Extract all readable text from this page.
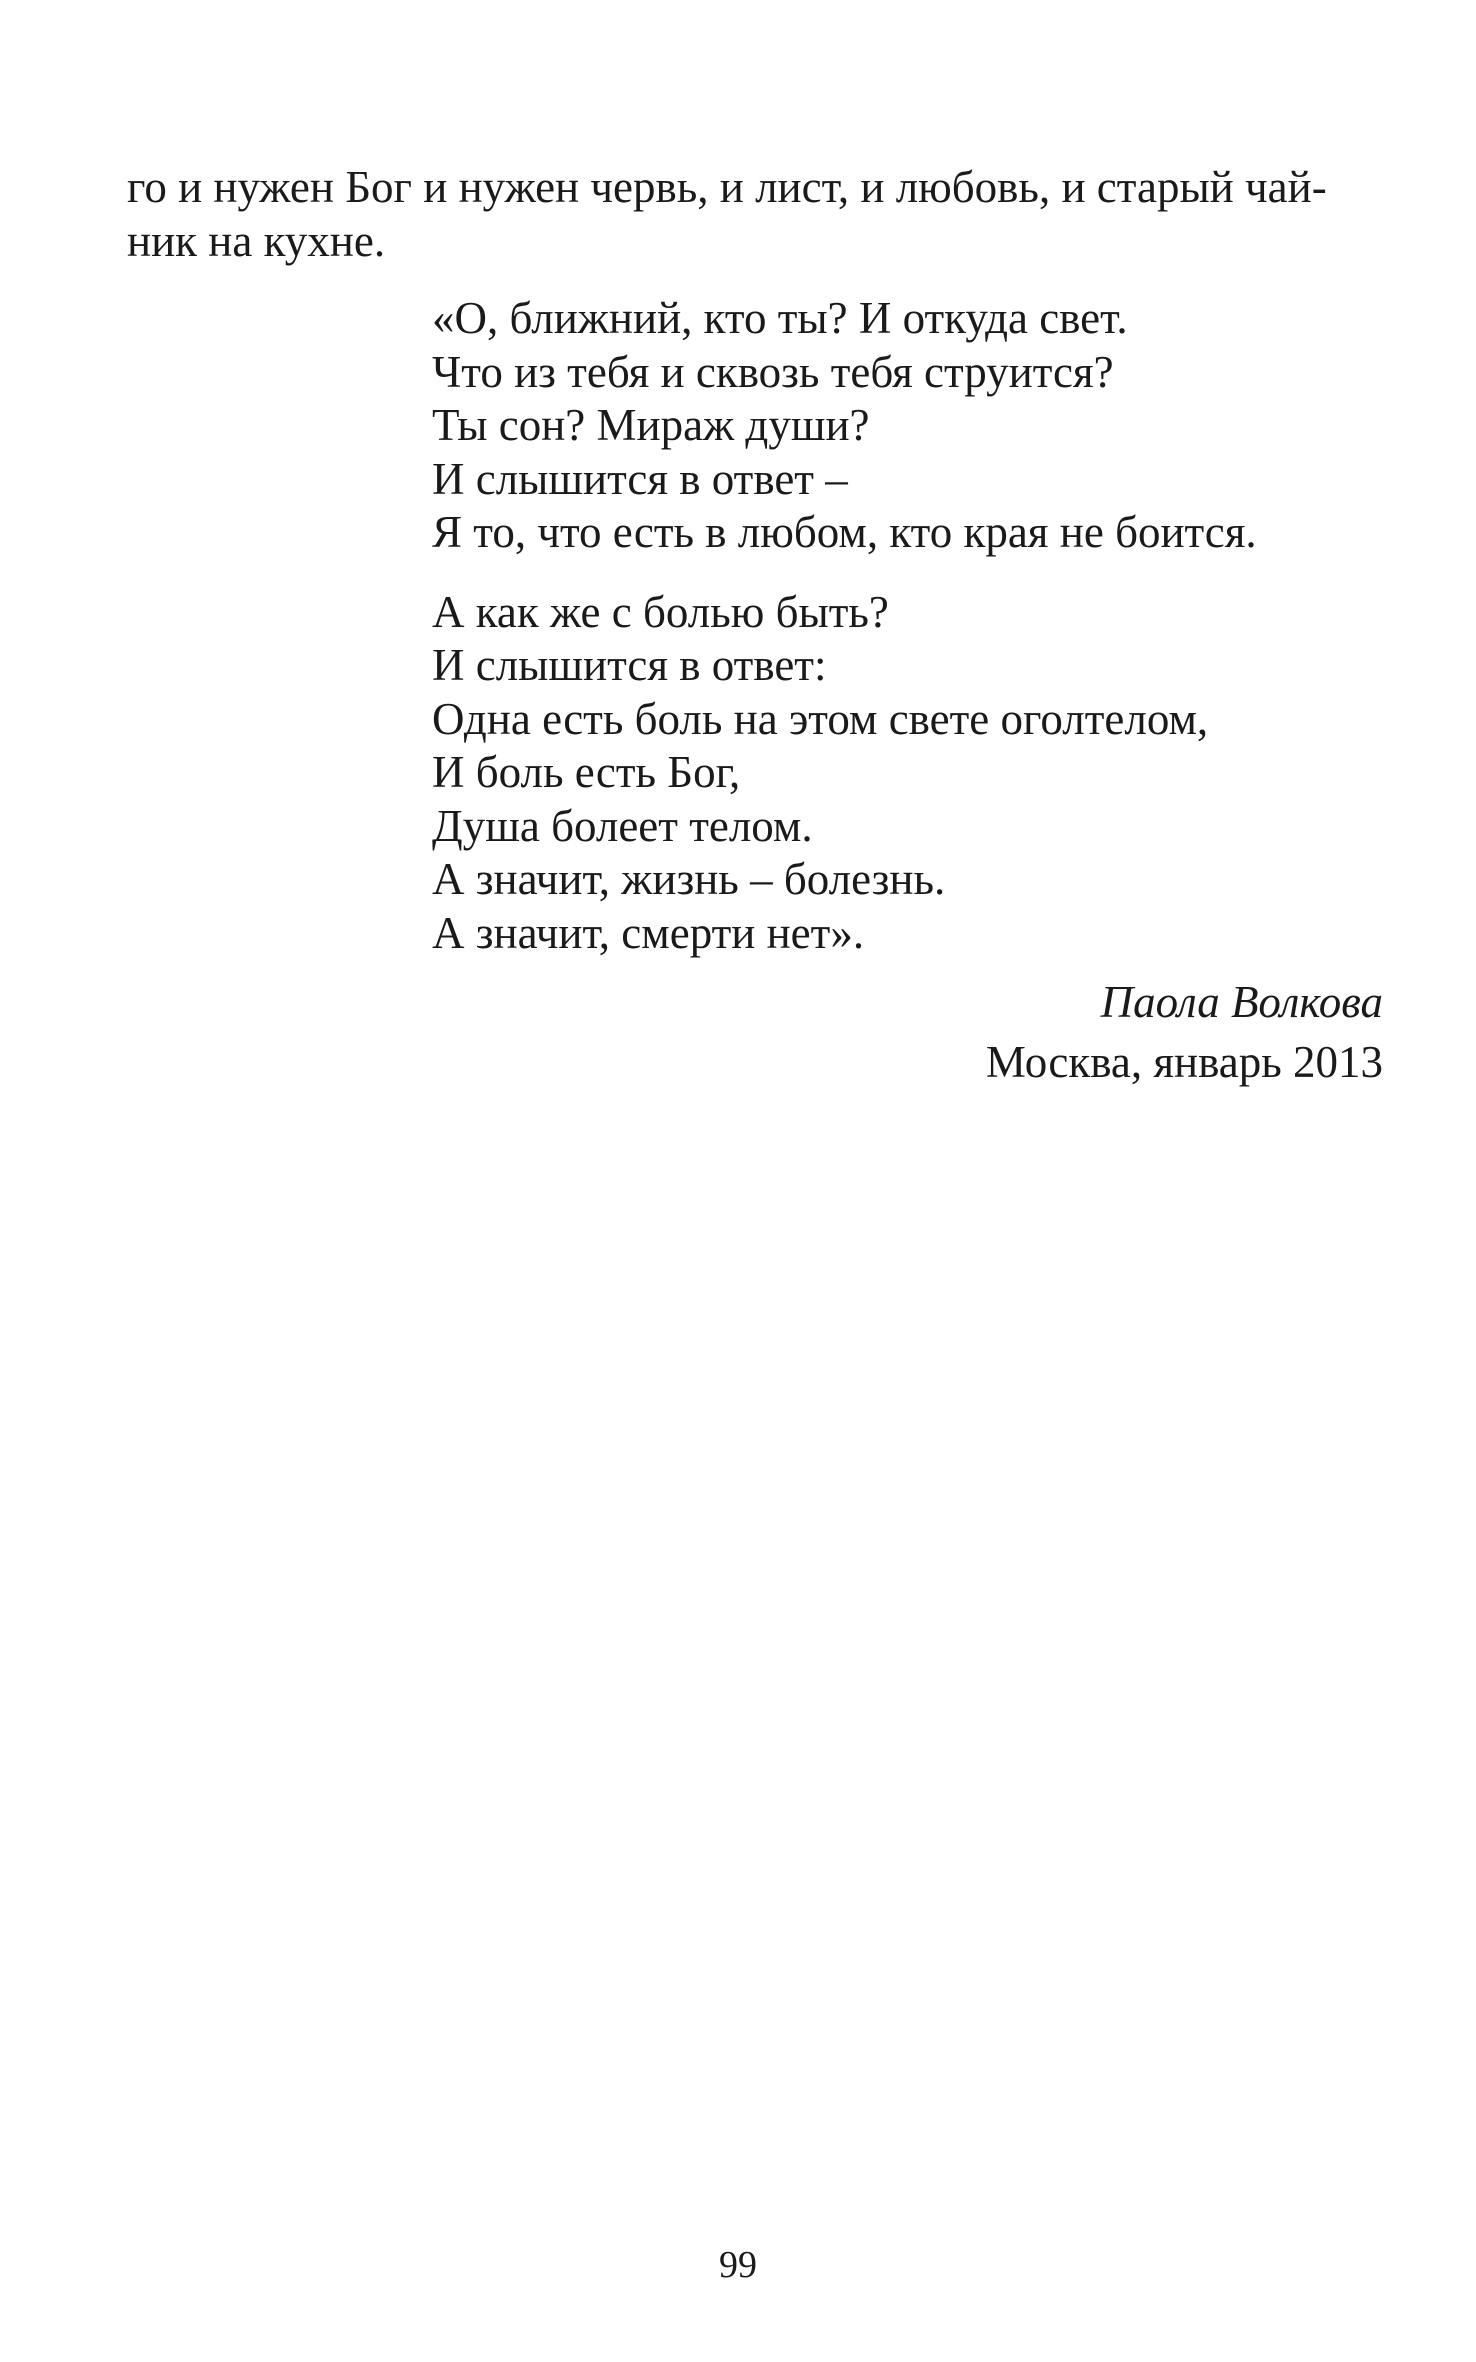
го и нужен Бог и нужен червь, и лист, и любовь, и старый чай-
ник на кухне.
«О, ближний, кто ты? И откуда свет.
Что из тебя и сквозь тебя струится?
Ты сон? Мираж души?
И слышится в ответ –
Я то, что есть в любом, кто края не боится.
А как же с болью быть?
И слышится в ответ:
Одна есть боль на этом свете оголтелом,
И боль есть Бог,
Душа болеет телом.
А значит, жизнь – болезнь.
А значит, смерти нет».
Паола Волкова
Москва, январь 2013
99
